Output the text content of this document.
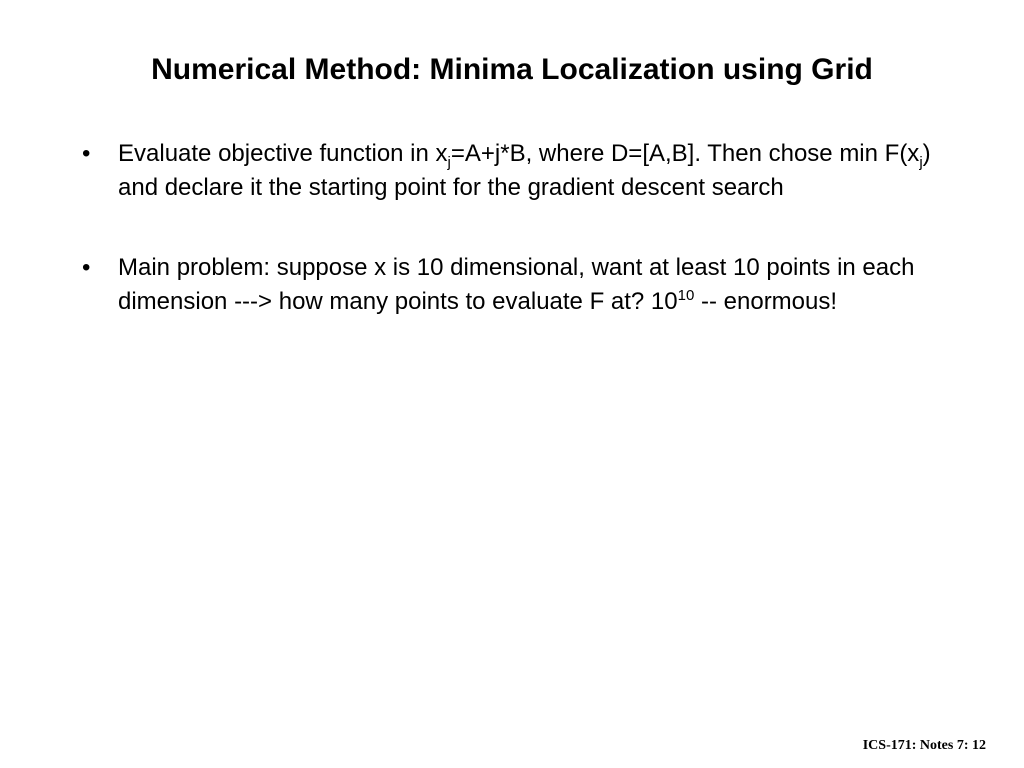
Numerical Method: Minima Localization using Grid
• Evaluate objective function in $x_j=A+j*B$, where D=[A,B]. Then chose $\min F(x_j)$ and declare it the starting point for the gradient descent search
• Main problem: suppose x is 10 dimensional, want at least 10 points in each dimension ---> how many points to evaluate F at? $10^{10}$ -- enormous!
ICS-171: Notes 7: 12
